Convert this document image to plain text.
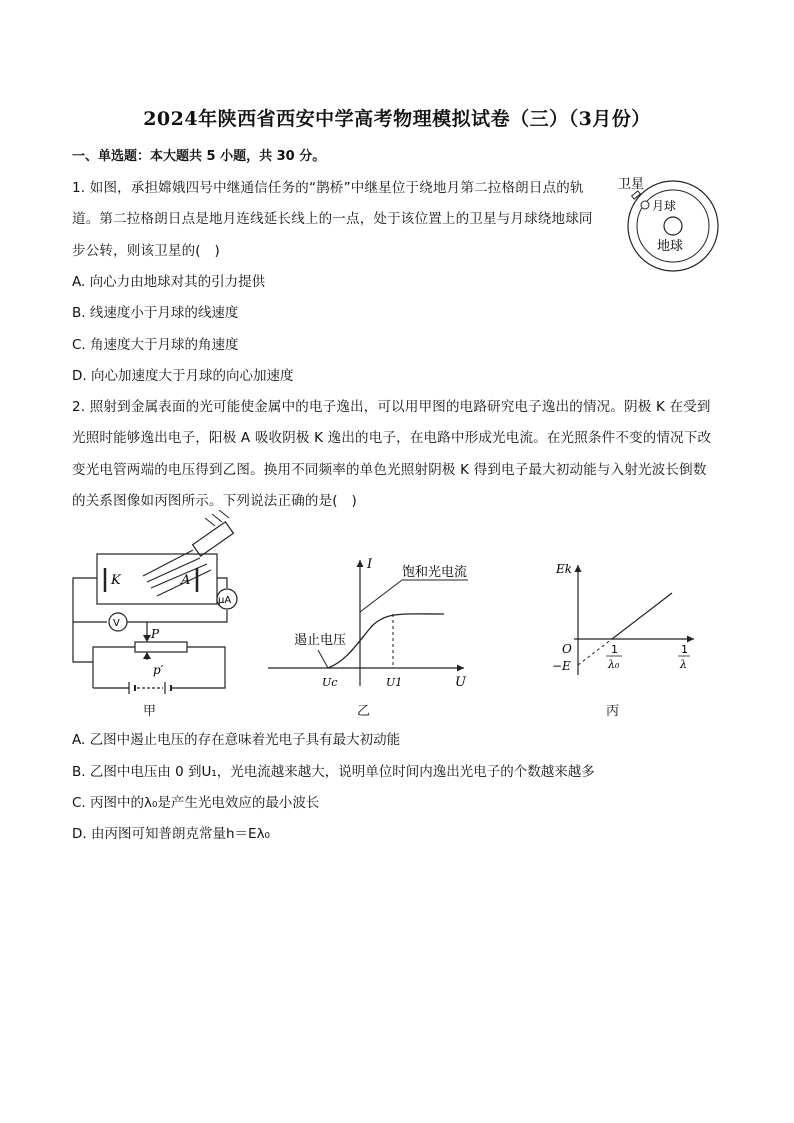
2024年陕西省西安中学高考物理模拟试卷（三）（3月份）
一、单选题：本大题共 5 小题，共 30 分。
1. 如图，承担嫦娥四号中继通信任务的“鹊桥”中继星位于绕地月第二拉格朗日点的轨
道。第二拉格朗日点是地月连线延长线上的一点，处于该位置上的卫星与月球绕地球同
步公转，则该卫星的(　)
A. 向心力由地球对其的引力提供
B. 线速度小于月球的线速度
C. 角速度大于月球的角速度
D. 向心加速度大于月球的向心加速度
卫星
月球
地球
2. 照射到金属表面的光可能使金属中的电子逸出，可以用甲图的电路研究电子逸出的情况。阴极 K 在受到
光照时能够逸出电子，阳极 A 吸收阴极 K 逸出的电子，在电路中形成光电流。在光照条件不变的情况下改
变光电管两端的电压得到乙图。换用不同频率的单色光照射阴极 K 得到电子最大初动能与入射光波长倒数
的关系图像如丙图所示。下列说法正确的是(　)
K	A
μA
V
P
p′
甲
I
U
饱和光电流
遏止电压
Uc	U1
乙
Ek
O
−E
1
λ₀
1
λ
丙
A. 乙图中遏止电压的存在意味着光电子具有最大初动能
B. 乙图中电压由 0 到U₁，光电流越来越大，说明单位时间内逸出光电子的个数越来越多
C. 丙图中的λ₀是产生光电效应的最小波长
D. 由丙图可知普朗克常量h＝Eλ₀
